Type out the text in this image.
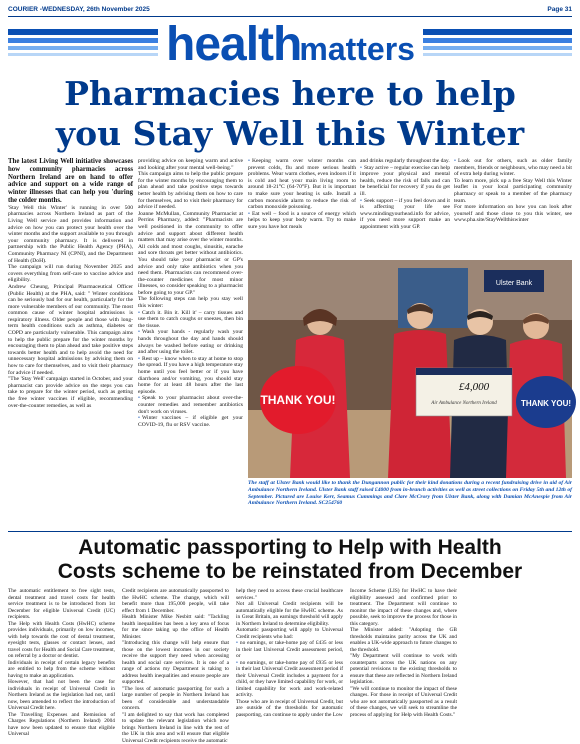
COURIER -WEDNESDAY, 26th November 2025	Page 31
healthmatters
Pharmacies here to help
you Stay Well this Winter

The latest Living Well initiative showcases how community pharmacies across Northern Ireland are on hand to offer advice and support on a wide range of winter illnesses that can help you 'during the colder months.

'Stay Well this Winter' is running in over 500 pharmacies across Northern Ireland as part of the Living Well service and provides information and advice on how you can protect your health over the winter months and the support available to you through your community pharmacy. It is delivered in partnership with the Public Health Agency (PHA), Community Pharmacy NI (CPNI), and the Department of Health (DoH).

The campaign will run during November 2025 and covers everything from self-care to vaccine advice and eligibility.

Andrew Cheung, Principal Pharmaceutical Officer (Public Health) at the PHA, said: " Winter conditions can be seriously bad for our health, particularly for the more vulnerable members of our community. The most common cause of winter hospital admissions is respiratory illness. Older people and those with long-term health conditions such as asthma, diabetes or COPD are particularly vulnerable. This campaign aims to help the public prepare for the winter months by encouraging them to plan ahead and take positive steps towards better health and to help avoid the need for unnecessary hospital admissions by advising them on how to care for themselves, and to visit their pharmacy for advice if needed.

"The 'Stay Well' campaign started in October, and your pharmacist can provide advice on the steps you can take to prepare for the winter period, such as getting the free winter vaccines if eligible, recommending over-the-counter remedies, as well as

providing advice on keeping warm and active and looking after your mental well-being."

This campaign aims to help the public prepare for the winter months by encouraging them to plan ahead and take positive steps towards better health by advising them on how to care for themselves, and to visit their pharmacy for advice if needed.

Joanne McMullan, Community Pharmacist at Perrins Pharmacy, added: "Pharmacists are well positioned in the community to offer advice and support about different health matters that may arise over the winter months. All colds and most coughs, sinusitis, earache and sore throats get better without antibiotics. You should take your pharmacist or GP's advice and only take antibiotics when you need them. Pharmacists can recommend over-the-counter medicines for most minor illnesses, so consider speaking to a pharmacist before going to your GP."

The following steps can help you stay well this winter:

• Catch it. Bin it. Kill it' – carry tissues and use them to catch coughs or sneezes, then bin the tissue.

• Wash your hands - regularly wash your hands throughout the day and hands should always be washed before eating or drinking and after using the toilet.

• Rest up – know when to stay at home to stop the spread. If you have a high temperature stay home until you feel better or if you have diarrhoea and/or vomiting, you should stay home for at least 48 hours after the last episode.

• Speak to your pharmacist about over-the-counter remedies and remember antibiotics don't work on viruses.

• Winter vaccines – if eligible get your COVID-19, flu or RSV vaccine.

• Keeping warm over winter months can prevent colds, flu and more serious health problems. Wear warm clothes, even indoors if it is cold and heat your main living room to around 18-21°C (64-70°F). But it is important to make sure your heating is safe. Install a carbon monoxide alarm to reduce the risk of carbon monoxide poisoning.

• Eat well – food is a source of energy which helps to keep your body warm. Try to make sure you have hot meals

and drinks regularly throughout the day.

• Stay active – regular exercise can help improve your physical and mental health, reduce the risk of falls and can be beneficial for recovery if you do get ill.

• Seek support – if you feel down and it is affecting your life see www.mindingyourhead.info for advice, if you need more support make an appointment with your GP.

• Look out for others, such as older family members, friends or neighbours, who may need a bit of extra help during winter.

To learn more, pick up a free Stay Well this Winter leaflet in your local participating community pharmacy or speak to a member of the pharmacy team.

For more information on how you can look after yourself and those close to you this winter, see www.pha.site/StayWellthiswinter

Ulster Bank
£4,000
Air Ambulance Northern Ireland
THANK YOU!	THANK YOU!
The staff at Ulster Bank would like to thank the Dungannon public for their kind donations during a recent fundraising drive in aid of Air Ambulance Northern Ireland. Ulster Bank staff raised £4000 from in-branch activities as well as street collections on Friday 5th and 12th of September. Pictured are Louise Kerr, Seamus Cummings and Clare McCrory from Ulster Bank, along with Damian McAnespie from Air Ambulance Northern Ireland. SC254760
Automatic passporting to Help with Health
Costs scheme to be reinstated from December

The automatic entitlement to free sight tests, dental treatment and travel costs for health service treatment is to be introduced from 1st December for eligible Universal Credit (UC) recipients.

The Help with Health Costs (HwHC) scheme provides individuals, primarily on low incomes, with help towards the cost of dental treatment, eyesight tests, glasses or contact lenses, and travel costs for Health and Social Care treatment, on referral by a doctor or dentist.

Individuals in receipt of certain legacy benefits are entitled to help from the scheme without having to make an application.

However, that had not been the case for individuals in receipt of Universal Credit in Northern Ireland as the legislation had not, until now, been amended to reflect the introduction of Universal Credit here.

The Travelling Expenses and Remission of Charges Regulations (Northern Ireland) 2004 have now been updated to ensure that eligible Universal

Credit recipients are automatically passported to the HwHC scheme. The change, which will benefit more than 195,000 people, will take effect from 1 December.

Health Minister Mike Nesbitt said: "Tackling health inequalities has been a key area of focus for me since taking up the office of Health Minister.

"Introducing this change will help ensure that those on the lowest incomes in our society receive the support they need when accessing health and social care services. It is one of a range of actions my Department is taking to address health inequalities and ensure people are supported.

"The loss of automatic passporting for such a large number of people in Northern Ireland has been of considerable and understandable concern.

"I am delighted to say that work has completed to update the relevant legislation which now brings Northern Ireland in line with the rest of the UK in this area and will ensure that eligible Universal Credit recipients receive the automatic

help they need to access these crucial healthcare services."

Not all Universal Credit recipients will be automatically eligible for the HwHC scheme. As in Great Britain, an earnings threshold will apply in Northern Ireland to determine eligibility.

Automatic passporting will apply to Universal Credit recipients who had:

• no earnings, or take-home pay of £435 or less in their last Universal Credit assessment period, or

• no earnings, or take-home pay of £935 or less in their last Universal Credit assessment period if their Universal Credit includes a payment for a child, or they have limited capability for work, or limited capability for work and work-related activity.

Those who are in receipt of Universal Credit, but are outside of the thresholds for automatic passporting, can continue to apply under the Low

Income Scheme (LIS) for HwHC to have their eligibility assessed and confirmed prior to treatment. The Department will continue to monitor the impact of these changes and, where possible, seek to improve the process for those in this category.

The Minister added: "Adopting the GB thresholds maintains parity across the UK and enables a UK-wide approach to future changes to the threshold.

"My Department will continue to work with counterparts across the UK nations on any potential revisions to the existing thresholds to ensure that these are reflected in Northern Ireland legislation.

"We will continue to monitor the impact of these changes. For those in receipt of Universal Credit who are not automatically passported as a result of these changes, we will seek to streamline the process of applying for Help with Health Costs."
